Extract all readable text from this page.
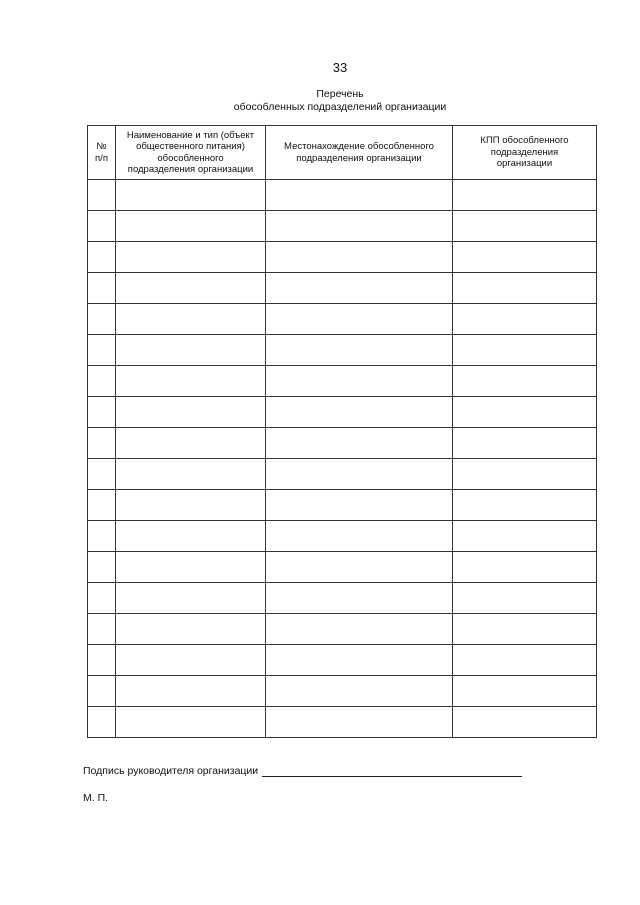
33
Перечень
обособленных подразделений организации
№
п/п	Наименование и тип (объект
общественного питания)
обособленного
подразделения организации	Местонахождение обособленного
подразделения организации	КПП обособленного
подразделения
организации

Подпись руководителя организации
М. П.
